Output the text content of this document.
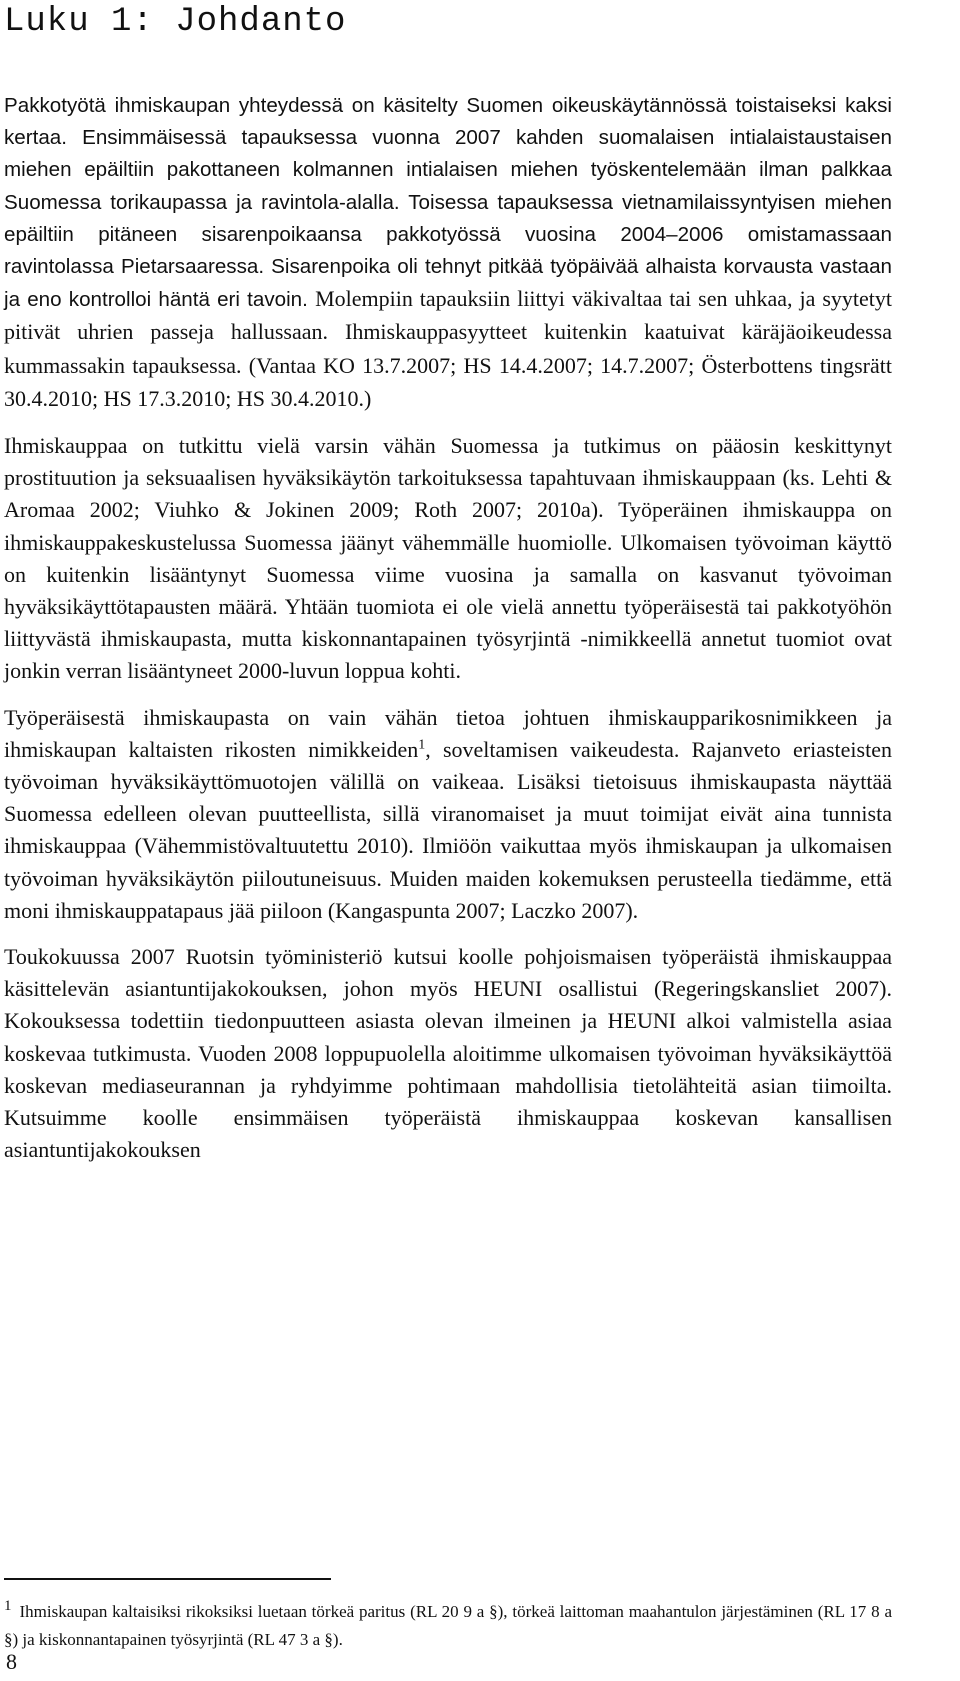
Luku 1: Johdanto

Pakkotyötä ihmiskaupan yhteydessä on käsitelty Suomen oikeuskäytännössä toistaiseksi kaksi kertaa. Ensimmäisessä tapauksessa vuonna 2007 kahden suomalaisen intialaistaustaisen miehen epäiltiin pakottaneen kolmannen intialaisen miehen työskentelemään ilman palkkaa Suomessa torikaupassa ja ravintola-alalla. Toisessa tapauksessa vietnamilaissyntyisen miehen epäiltiin pitäneen sisarenpoikaansa pakkotyössä vuosina 2004–2006 omistamassaan ravintolassa Pietarsaaressa. Sisarenpoika oli tehnyt pitkää työpäivää alhaista korvausta vastaan ja eno kontrolloi häntä eri tavoin. Molempiin tapauksiin liittyi väkivaltaa tai sen uhkaa, ja syytetyt pitivät uhrien passeja hallussaan. Ihmiskauppasyytteet kuitenkin kaatuivat käräjäoikeudessa kummassakin tapauksessa. (Vantaa KO 13.7.2007; HS 14.4.2007; 14.7.2007; Österbottens tingsrätt 30.4.2010; HS 17.3.2010; HS 30.4.2010.)

Ihmiskauppaa on tutkittu vielä varsin vähän Suomessa ja tutkimus on pääosin keskittynyt prostituution ja seksuaalisen hyväksikäytön tarkoituksessa tapahtuvaan ihmiskauppaan (ks. Lehti & Aromaa 2002; Viuhko & Jokinen 2009; Roth 2007; 2010a). Työperäinen ihmiskauppa on ihmiskauppakeskustelussa Suomessa jäänyt vähemmälle huomiolle. Ulkomaisen työvoiman käyttö on kuitenkin lisääntynyt Suomessa viime vuosina ja samalla on kasvanut työvoiman hyväksikäyttötapausten määrä. Yhtään tuomiota ei ole vielä annettu työperäisestä tai pakkotyöhön liittyvästä ihmiskaupasta, mutta kiskonnantapainen työsyrjintä -nimikkeellä annetut tuomiot ovat jonkin verran lisääntyneet 2000-luvun loppua kohti.

Työperäisestä ihmiskaupasta on vain vähän tietoa johtuen ihmiskaupparikosnimikkeen ja ihmiskaupan kaltaisten rikosten nimikkeiden$^1$, soveltamisen vaikeudesta. Rajanveto eriasteisten työvoiman hyväksikäyttömuotojen välillä on vaikeaa. Lisäksi tietoisuus ihmiskaupasta näyttää Suomessa edelleen olevan puutteellista, sillä viranomaiset ja muut toimijat eivät aina tunnista ihmiskauppaa (Vähemmistövaltuutettu 2010). Ilmiöön vaikuttaa myös ihmiskaupan ja ulkomaisen työvoiman hyväksikäytön piiloutuneisuus. Muiden maiden kokemuksen perusteella tiedämme, että moni ihmiskauppatapaus jää piiloon (Kangaspunta 2007; Laczko 2007).

Toukokuussa 2007 Ruotsin työministeriö kutsui koolle pohjoismaisen työperäistä ihmiskauppaa käsittelevän asiantuntijakokouksen, johon myös HEUNI osallistui (Regeringskansliet 2007). Kokouksessa todettiin tiedonpuutteen asiasta olevan ilmeinen ja HEUNI alkoi valmistella asiaa koskevaa tutkimusta. Vuoden 2008 loppupuolella aloitimme ulkomaisen työvoiman hyväksikäyttöä koskevan mediaseurannan ja ryhdyimme pohtimaan mahdollisia tietolähteitä asian tiimoilta. Kutsuimme koolle ensimmäisen työperäistä ihmiskauppaa koskevan kansallisen asiantuntijakokouksen

$^1$ Ihmiskaupan kaltaisiksi rikoksiksi luetaan törkeä paritus (RL 20 9 a §), törkeä laittoman maahantulon järjestäminen (RL 17 8 a §) ja kiskonnantapainen työsyrjintä (RL 47 3 a §).

8
